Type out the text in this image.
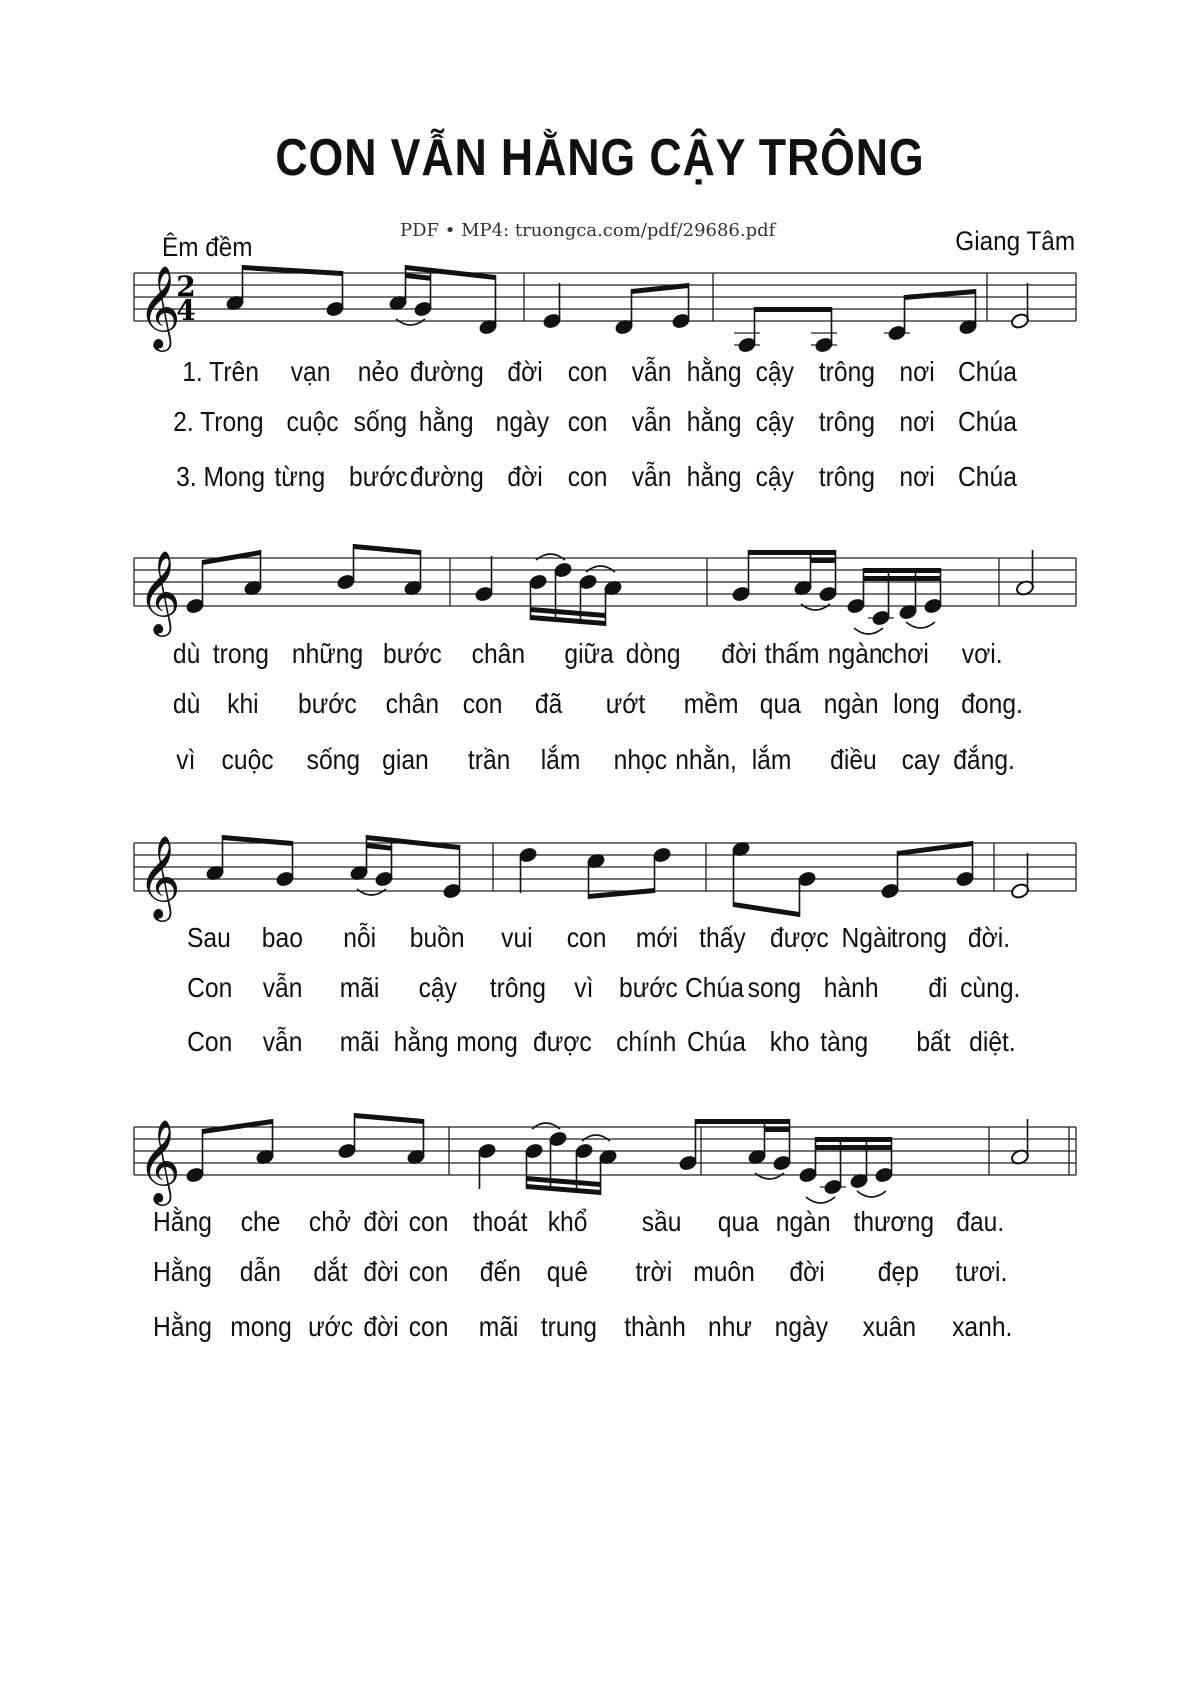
CON VẪN HẰNG CẬY TRÔNG
Êm đềm
PDF • MP4: truongca.com/pdf/29686.pdf	Giang Tâm
𝄞
2
4
𝄞
𝄞
𝄞
1. Trên vạn nẻo đường đời con vẫn hằng cậy trông nơi Chúa
2. Trong cuộc sống hằng ngày con vẫn hằng cậy trông nơi Chúa
3. Mong từng bước đường đời con vẫn hằng cậy trông nơi Chúa
dù trong những bước chân giữa dòng đời thấm ngàn
chơi vơi.
dù khi bước chân con đã ướt mềm qua ngàn long đong.
vì cuộc sống gian trần lắm nhọc nhằn, lắm điều cay đắng.
Sau bao nỗi buồn vui con mới thấy được Ngài
trong đời.
Con vẫn mãi cậy trông vì bước Chúa song hành đi cùng.
Con vẫn mãi hằng mong được chính Chúa kho tàng bất diệt.
Hằng che chở đời con thoát khổ sầu qua ngàn thương đau.
Hằng dẫn dắt đời con đến quê trời muôn đời đẹp tươi.
Hằng mong ước đời con mãi trung thành như ngày xuân xanh.
